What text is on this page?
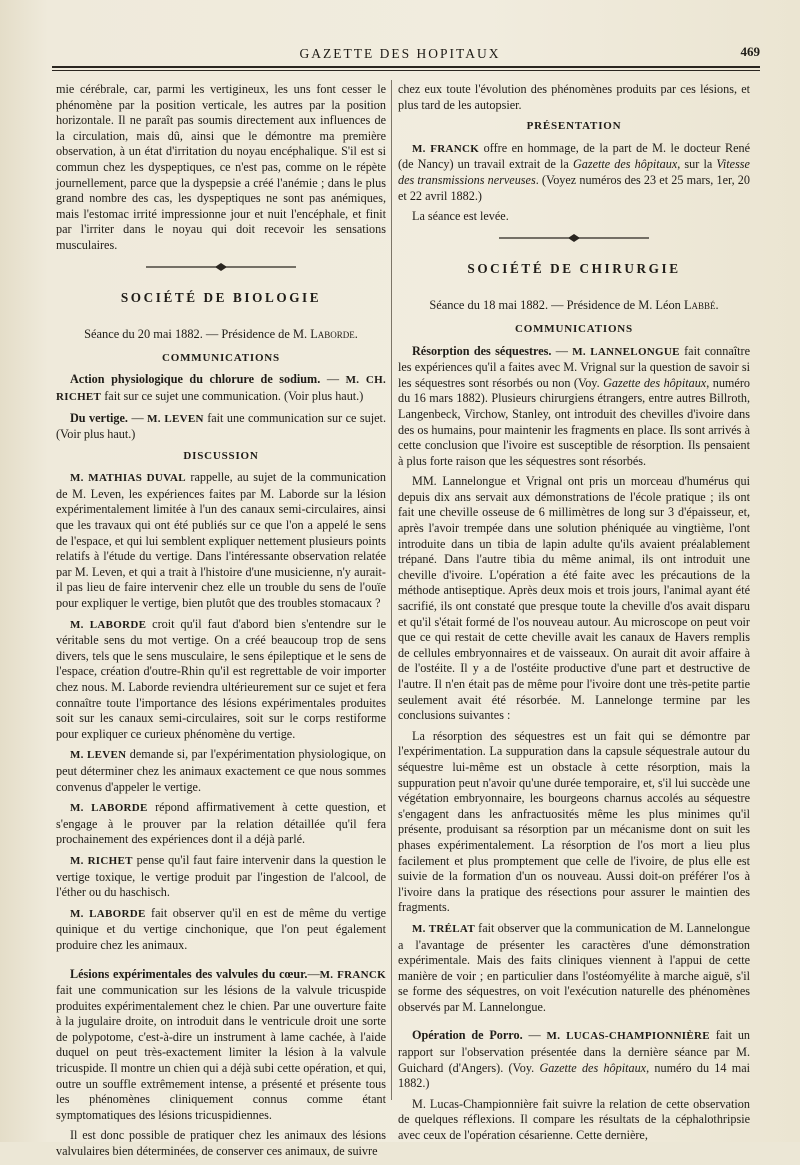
GAZETTE DES HOPITAUX	469

mie cérébrale, car, parmi les vertigineux, les uns font cesser le phénomène par la position verticale, les autres par la position horizontale. Il ne paraît pas soumis directement aux influences de la circulation, mais dû, ainsi que le démontre ma première observation, à un état d'irritation du noyau encéphalique. S'il est si commun chez les dyspeptiques, ce n'est pas, comme on le répète journellement, parce que la dyspepsie a créé l'anémie ; dans le plus grand nombre des cas, les dyspeptiques ne sont pas anémiques, mais l'estomac irrité impressionne jour et nuit l'encéphale, et finit par l'irriter dans le noyau qui doit recevoir les sensations musculaires.

SOCIÉTÉ DE BIOLOGIE
Séance du 20 mai 1882. — Présidence de M. Laborde.
COMMUNICATIONS

Action physiologique du chlorure de sodium. — M. CH. RICHET fait sur ce sujet une communication. (Voir plus haut.)

Du vertige. — M. LEVEN fait une communication sur ce sujet. (Voir plus haut.)

DISCUSSION

M. MATHIAS DUVAL rappelle, au sujet de la communication de M. Leven, les expériences faites par M. Laborde sur la lésion expérimentalement limitée à l'un des canaux semi-circulaires, ainsi que les travaux qui ont été publiés sur ce que l'on a appelé le sens de l'espace, et qui lui semblent expliquer nettement plusieurs points relatifs à l'étude du vertige. Dans l'intéressante observation relatée par M. Leven, et qui a trait à l'histoire d'une musicienne, n'y aurait-il pas lieu de faire intervenir chez elle un trouble du sens de l'ouïe pour expliquer le vertige, bien plutôt que des troubles stomacaux ?

M. LABORDE croit qu'il faut d'abord bien s'entendre sur le véritable sens du mot vertige. On a créé beaucoup trop de sens divers, tels que le sens musculaire, le sens épileptique et le sens de l'espace, création d'outre-Rhin qu'il est regrettable de voir importer chez nous. M. Laborde reviendra ultérieurement sur ce sujet et fera connaître toute l'importance des lésions expérimentales produites soit sur les canaux semi-circulaires, soit sur le corps restiforme pour expliquer ce curieux phénomène du vertige.

M. LEVEN demande si, par l'expérimentation physiologique, on peut déterminer chez les animaux exactement ce que nous sommes convenus d'appeler le vertige.

M. LABORDE répond affirmativement à cette question, et s'engage à le prouver par la relation détaillée qu'il fera prochainement des expériences dont il a déjà parlé.

M. RICHET pense qu'il faut faire intervenir dans la question le vertige toxique, le vertige produit par l'ingestion de l'alcool, de l'éther ou du haschisch.

M. LABORDE fait observer qu'il en est de même du vertige quinique et du vertige cinchonique, que l'on peut également produire chez les animaux.

Lésions expérimentales des valvules du cœur.—M. FRANCK fait une communication sur les lésions de la valvule tricuspide produites expérimentalement chez le chien. Par une ouverture faite à la jugulaire droite, on introduit dans le ventricule droit une sorte de polypotome, c'est-à-dire un instrument à lame cachée, à l'aide duquel on peut très-exactement limiter la lésion à la valvule tricuspide. Il montre un chien qui a déjà subi cette opération, et qui, outre un souffle extrêmement intense, a présenté et présente tous les phénomènes cliniquement connus comme étant symptomatiques des lésions tricuspidiennes.

Il est donc possible de pratiquer chez les animaux des lésions valvulaires bien déterminées, de conserver ces animaux, de suivre

chez eux toute l'évolution des phénomènes produits par ces lésions, et plus tard de les autopsier.

PRÉSENTATION

M. FRANCK offre en hommage, de la part de M. le docteur René (de Nancy) un travail extrait de la Gazette des hôpitaux, sur la Vitesse des transmissions nerveuses. (Voyez numéros des 23 et 25 mars, 1er, 20 et 22 avril 1882.)

La séance est levée.

SOCIÉTÉ DE CHIRURGIE
Séance du 18 mai 1882. — Présidence de M. Léon Labbé.
COMMUNICATIONS

Résorption des séquestres. — M. LANNELONGUE fait connaître les expériences qu'il a faites avec M. Vrignal sur la question de savoir si les séquestres sont résorbés ou non (Voy. Gazette des hôpitaux, numéro du 16 mars 1882). Plusieurs chirurgiens étrangers, entre autres Billroth, Langenbeck, Virchow, Stanley, ont introduit des chevilles d'ivoire dans des os humains, pour maintenir les fragments en place. Ils sont arrivés à cette conclusion que l'ivoire est susceptible de résorption. Ils pensaient à plus forte raison que les séquestres sont résorbés.

MM. Lannelongue et Vrignal ont pris un morceau d'humérus qui depuis dix ans servait aux démonstrations de l'école pratique ; ils ont fait une cheville osseuse de 6 millimètres de long sur 3 d'épaisseur, et, après l'avoir trempée dans une solution phéniquée au vingtième, l'ont introduite dans un tibia de lapin adulte qu'ils avaient préalablement trépané. Dans l'autre tibia du même animal, ils ont introduit une cheville d'ivoire. L'opération a été faite avec les précautions de la méthode antiseptique. Après deux mois et trois jours, l'animal ayant été sacrifié, ils ont constaté que presque toute la cheville d'os avait disparu et qu'il s'était formé de l'os nouveau autour. Au microscope on peut voir que ce qui restait de cette cheville avait les canaux de Havers remplis de cellules embryonnaires et de vaisseaux. On aurait dit avoir affaire à de l'ostéite. Il y a de l'ostéite productive d'une part et destructive de l'autre. Il n'en était pas de même pour l'ivoire dont une très-petite partie seulement avait été résorbée. M. Lannelonge termine par les conclusions suivantes :

La résorption des séquestres est un fait qui se démontre par l'expérimentation. La suppuration dans la capsule séquestrale autour du séquestre lui-même est un obstacle à cette résorption, mais la suppuration peut n'avoir qu'une durée temporaire, et, s'il lui succède une végétation embryonnaire, les bourgeons charnus accolés au séquestre s'engagent dans les anfractuosités même les plus minimes qu'il présente, produisant sa résorption par un mécanisme dont on suit les phases expérimentalement. La résorption de l'os mort a lieu plus facilement et plus promptement que celle de l'ivoire, de plus elle est suivie de la formation d'un os nouveau. Aussi doit-on préférer l'os à l'ivoire dans la pratique des résections pour assurer le maintien des fragments.

M. TRÉLAT fait observer que la communication de M. Lannelongue a l'avantage de présenter les caractères d'une démonstration expérimentale. Mais des faits cliniques viennent à l'appui de cette manière de voir ; en particulier dans l'ostéomyélite à marche aiguë, s'il se forme des séquestres, on voit l'exécution naturelle des phénomènes observés par M. Lannelongue.

Opération de Porro. — M. LUCAS-CHAMPIONNIÈRE fait un rapport sur l'observation présentée dans la dernière séance par M. Guichard (d'Angers). (Voy. Gazette des hôpitaux, numéro du 14 mai 1882.)

M. Lucas-Championnière fait suivre la relation de cette observation de quelques réflexions. Il compare les résultats de la céphalothripsie avec ceux de l'opération césarienne. Cette dernière,
